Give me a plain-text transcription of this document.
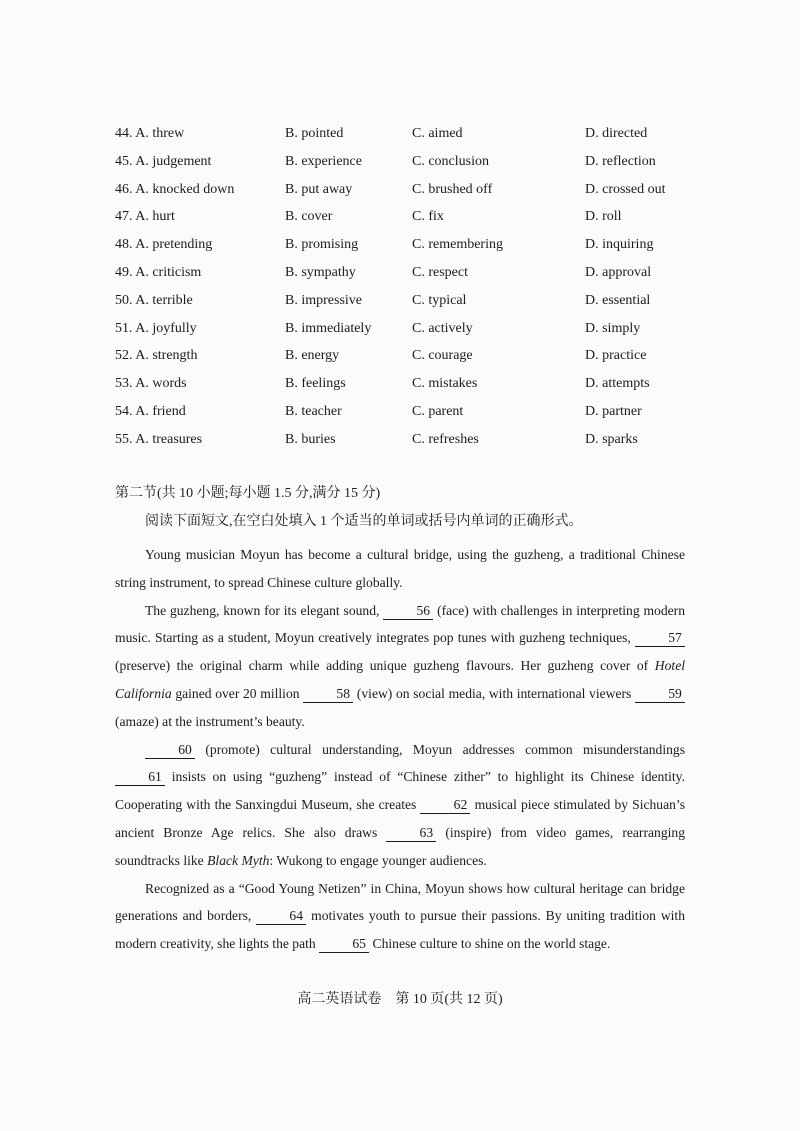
44. A. threw	B. pointed	C. aimed	D. directed
45. A. judgement	B. experience	C. conclusion	D. reflection
46. A. knocked down	B. put away	C. brushed off	D. crossed out
47. A. hurt	B. cover	C. fix	D. roll
48. A. pretending	B. promising	C. remembering	D. inquiring
49. A. criticism	B. sympathy	C. respect	D. approval
50. A. terrible	B. impressive	C. typical	D. essential
51. A. joyfully	B. immediately	C. actively	D. simply
52. A. strength	B. energy	C. courage	D. practice
53. A. words	B. feelings	C. mistakes	D. attempts
54. A. friend	B. teacher	C. parent	D. partner
55. A. treasures	B. buries	C. refreshes	D. sparks
第二节(共 10 小题;每小题 1.5 分,满分 15 分)
阅读下面短文,在空白处填入 1 个适当的单词或括号内单词的正确形式。

Young musician Moyun has become a cultural bridge, using the guzheng, a traditional Chinese string instrument, to spread Chinese culture globally.

The guzheng, known for its elegant sound,	56 (face) with challenges in interpreting modern music. Starting as a student, Moyun creatively integrates pop tunes with guzheng techniques,	57 (preserve) the original charm while adding unique guzheng flavours. Her guzheng cover of Hotel California gained over 20 million	58 (view) on social media, with international viewers	59 (amaze) at the instrument’s beauty.

60 (promote) cultural understanding, Moyun addresses common misunderstandings 61 insists on using “guzheng” instead of “Chinese zither” to highlight its Chinese identity. Cooperating with the Sanxingdui Museum, she creates	62 musical piece stimulated by Sichuan’s ancient Bronze Age relics. She also draws	63 (inspire) from video games, rearranging soundtracks like Black Myth: Wukong to engage younger audiences.

Recognized as a “Good Young Netizen” in China, Moyun shows how cultural heritage can bridge generations and borders,	64 motivates youth to pursue their passions. By uniting tradition with modern creativity, she lights the path	65 Chinese culture to shine on the world stage.

高二英语试卷　第 10 页(共 12 页)
